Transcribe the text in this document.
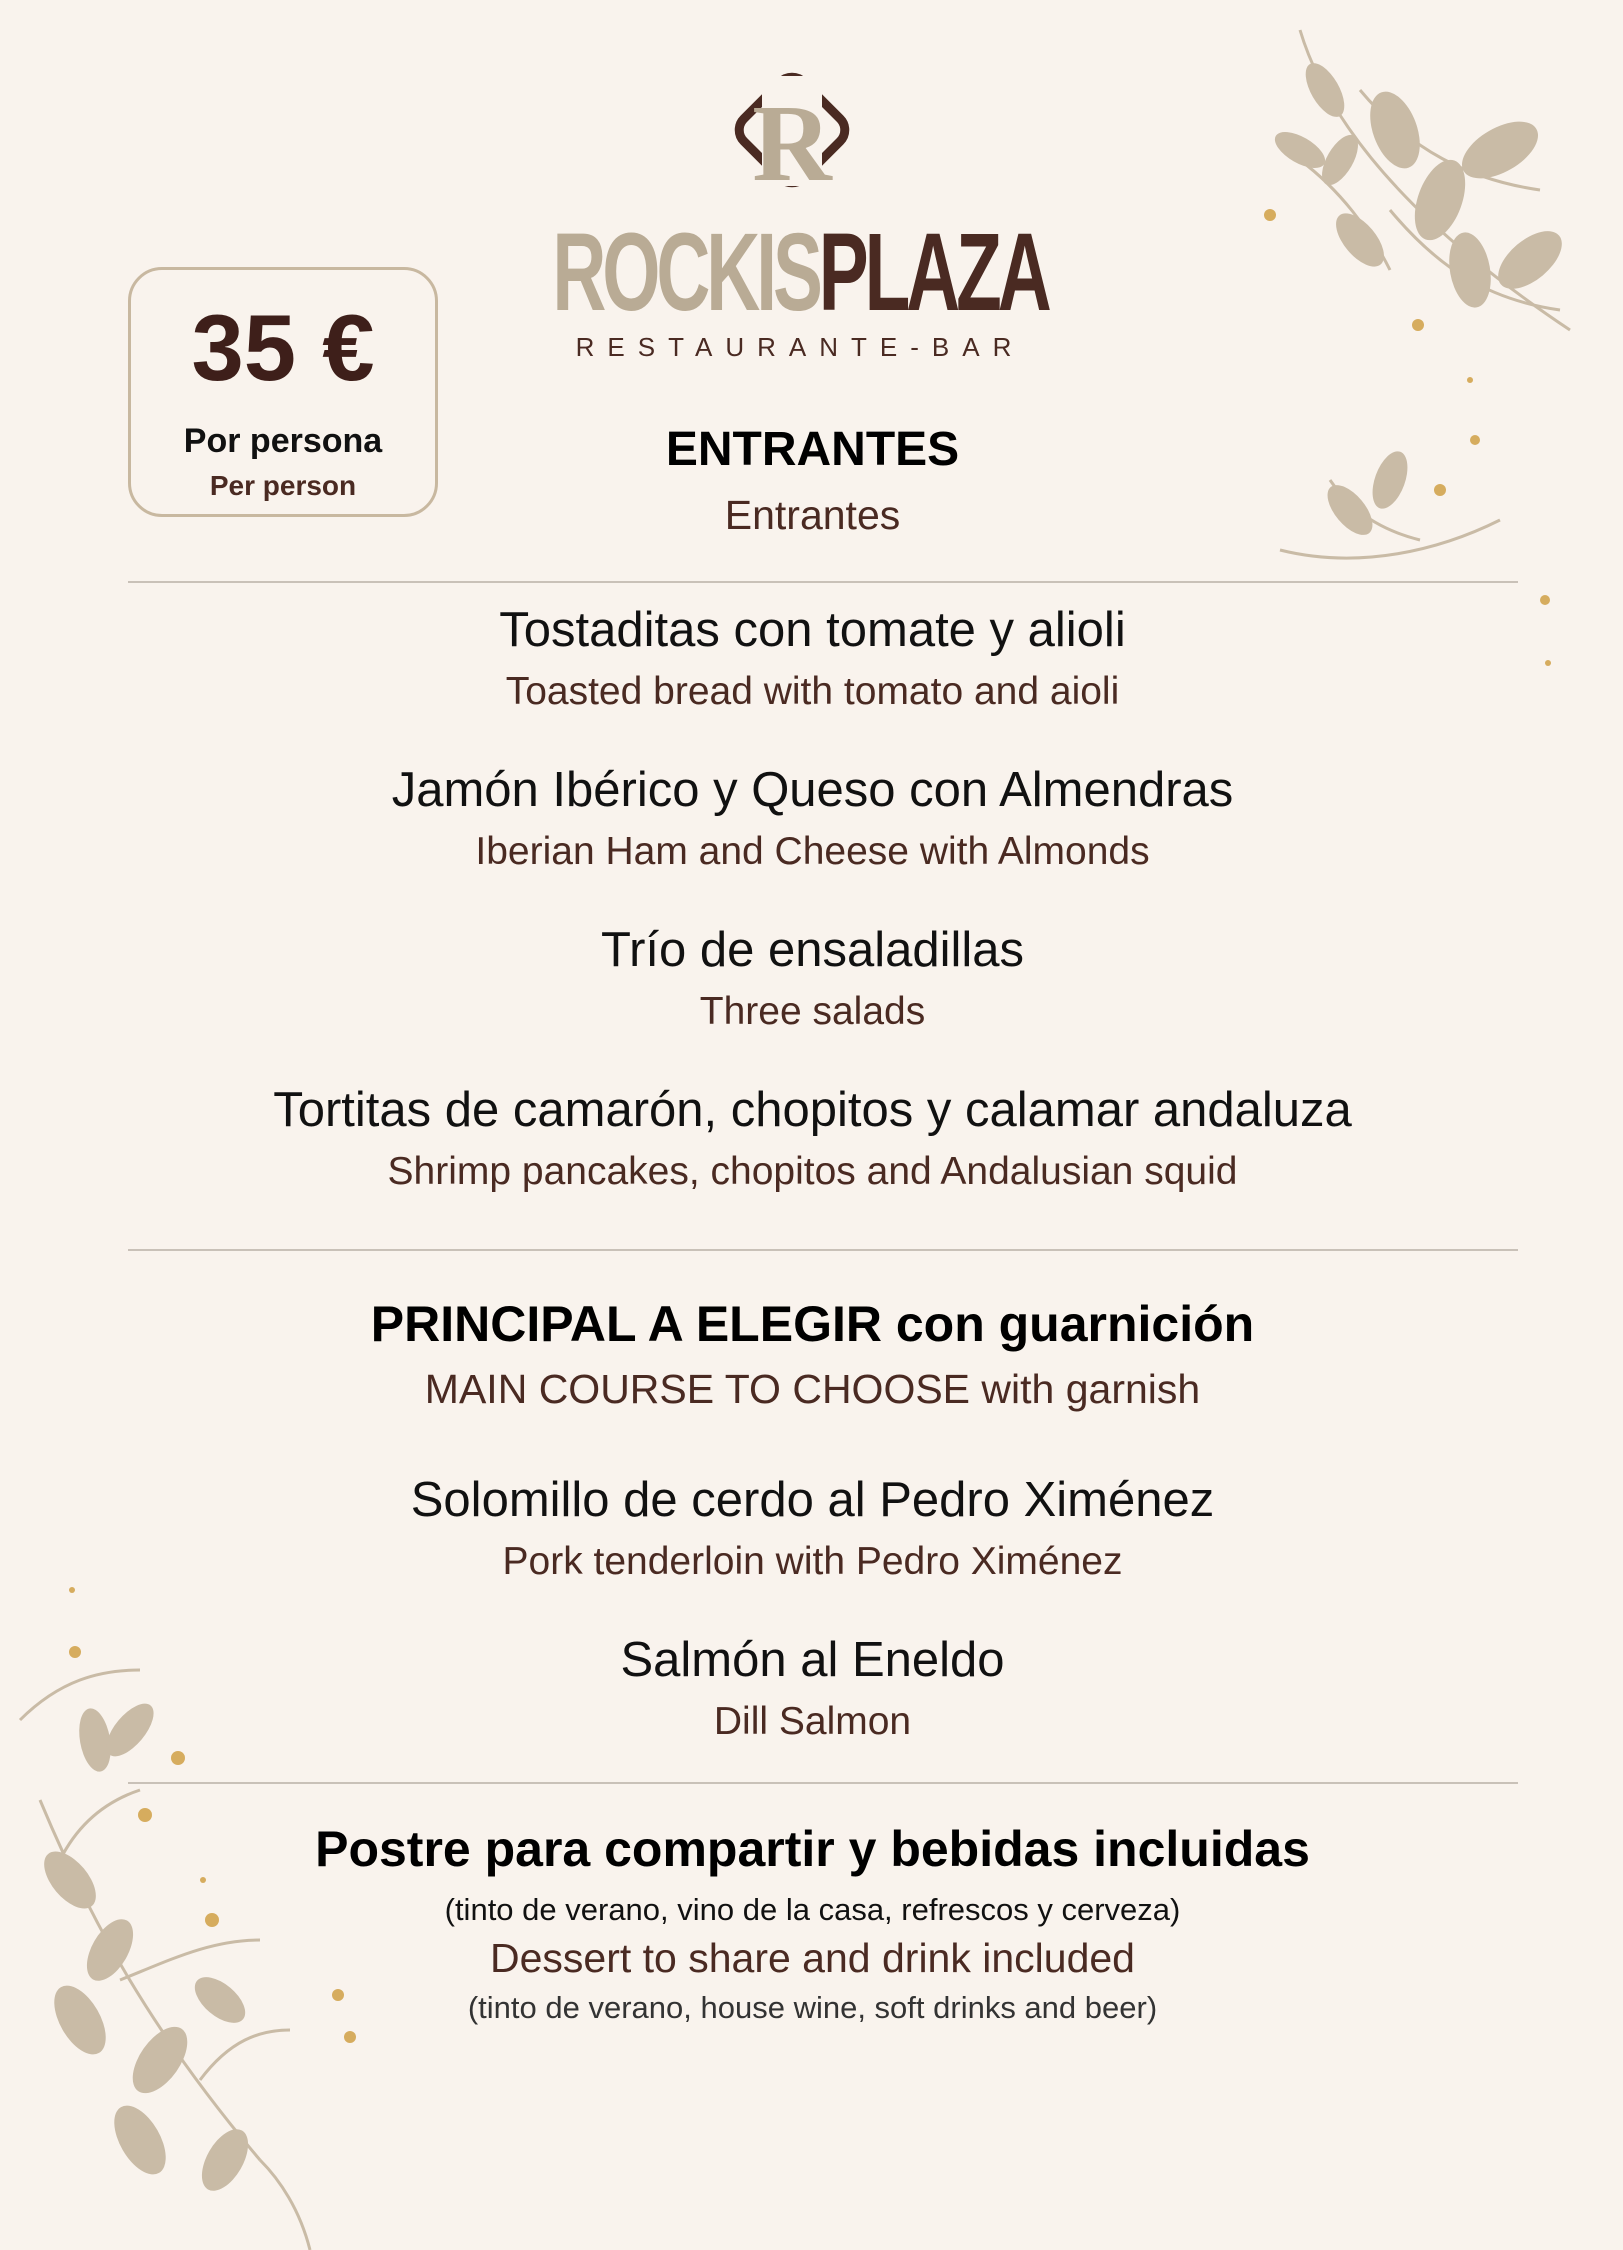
R
ROCKIS PLAZA
RESTAURANTE-BAR
35 €
Por persona
Per person
ENTRANTES
Entrantes
Tostaditas con tomate y alioli
Toasted bread with tomato and aioli
Jamón Ibérico y Queso con Almendras
Iberian Ham and Cheese with Almonds
Trío de ensaladillas
Three salads
Tortitas de camarón, chopitos y calamar andaluza
Shrimp pancakes, chopitos and Andalusian squid
PRINCIPAL A ELEGIR con guarnición
MAIN COURSE TO CHOOSE with garnish
Solomillo de cerdo al Pedro Ximénez
Pork tenderloin with Pedro Ximénez
Salmón al Eneldo
Dill Salmon
Postre para compartir y bebidas incluidas
(tinto de verano, vino de la casa, refrescos y cerveza)
Dessert to share and drink included
(tinto de verano, house wine, soft drinks and beer)
